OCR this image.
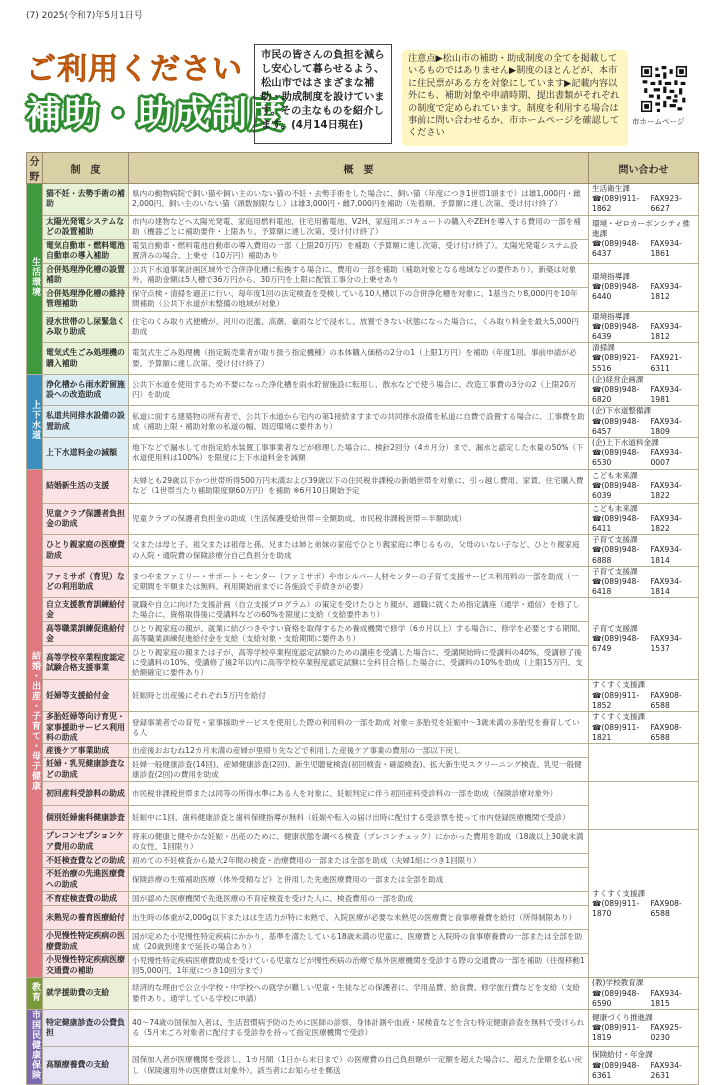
(7) 2025(令和7)年5月1日号
ご利用ください
補助・助成制度
市民の皆さんの負担を減らし安心して暮らせるよう、松山市ではさまざまな補助・助成制度を設けています。その主なものを紹介します。(4月14日現在)
注意点▶松山市の補助・助成制度の全てを掲載しているものではありません▶制度のほとんどが、本市に住民票がある方を対象にしています▶記載内容以外にも、補助対象や申請時期、提出書類がそれぞれの制度で定められています。制度を利用する場合は事前に問い合わせるか、市ホームページを確認してください
市ホームページ
分野	制　度	概　要	問い合わせ
生活環境	猫不妊・去勢手術の補助	県内の動物病院で飼い猫や飼い主のいない猫の不妊・去勢手術をした場合に、飼い猫（年度につき1世帯1頭まで）は雄1,000円・雌2,000円、飼い主のいない猫（頭数制限なし）は雄3,000円・雌7,000円を補助（先着順。予算額に達し次第、受け付け終了）	生活衛生課
☎(089)911-1862
FAX923-6627

	太陽光発電システムなどの設置補助	市内の建物などへ太陽光発電、家庭用燃料電池、住宅用蓄電池、V2H、家庭用エコキュートの購入やZEHを導入する費用の一部を補助（機器ごとに補助要件・上限あり。予算額に達し次第、受け付け終了）	環境・ゼロカーボンシティ推進課
☎(089)948-6437
FAX934-1861

	電気自動車・燃料電池自動車の導入補助	電気自動車・燃料電池自動車の導入費用の一部（上限20万円）を補助（予算額に達し次第、受け付け終了）。太陽光発電システム設置済みの場合、上乗せ（10万円）補助あり	
	合併処理浄化槽の設置補助	公共下水道事業計画区域外で合併浄化槽に転換する場合に、費用の一部を補助（補助対象となる地域などの要件あり）。新築は対象外。補助金額は5人槽で36万円から、30万円を上限に配管工事分の上乗せあり	環境指導課
☎(089)948-6440
FAX934-1812

	合併処理浄化槽の維持管理補助	保守点検・清掃を適正に行い、毎年度1回の法定検査を受検している10人槽以下の合併浄化槽を対象に、1基当たり8,000円を10年間補助（公共下水道が未整備の地域が対象）	
	浸水世帯のし尿緊急くみ取り助成	住宅のくみ取り式便槽が、河川の氾濫、高潮、豪雨などで浸水し、放置できない状態になった場合に、くみ取り料金を最大5,000円助成	環境指導課
☎(089)948-6439
FAX934-1812

	電気式生ごみ処理機の購入補助	電気式生ごみ処理機（指定販売業者が取り扱う指定機種）の本体購入価格の2分の1（上限1万円）を補助（年度1回。事前申請が必要。予算額に達し次第、受け付け終了）	清掃課
☎(089)921-5516
FAX921-6311

上下水道	浄化槽から雨水貯留施設への改造助成	公共下水道を使用するため不要になった浄化槽を雨水貯留施設に転用し、散水などで使う場合に、改造工事費の3分の2（上限20万円）を助成	(企)経営企画課
☎(089)948-6820
FAX934-1981

	私道共同排水設備の設置助成	私道に面する建築物の所有者で、公共下水道から宅内の第1接続ますまでの共同排水設備を私道に自費で設置する場合に、工事費を助成（補助上限・補助対象の私道の幅、周辺環境に要件あり）	(企)下水道整備課
☎(089)948-6457
FAX934-1809

	上下水道料金の減額	地下などで漏水して市指定給水装置工事事業者などが修理した場合に、検針2回分（4カ月分）まで、漏水と認定した水量の50%（下水道使用料は100%）を限度に上下水道料金を減額	(企)上下水道料金課
☎(089)948-6530
FAX934-0007

結婚・出産・子育て・母子健康	結婚新生活の支援	夫婦とも29歳以下かつ世帯所得500万円未満および39歳以下の住民税非課税の新婚世帯を対象に、引っ越し費用、家賃、住宅購入費など（1世帯当たり補助限度額60万円）を補助 ※6月10日開始予定	こども未来課
☎(089)948-6039
FAX934-1822

	児童クラブ保護者負担金の助成	児童クラブの保護者負担金の助成（生活保護受給世帯＝全額助成、市民税非課税世帯＝半額助成）	こども未来課
☎(089)948-6411
FAX934-1822

	ひとり親家庭の医療費助成	父または母と子、祖父または祖母と孫、兄または姉と弟妹の家庭でひとり親家庭に準じるもの、父母のいない子など、ひとり親家庭の入院・通院費の保険診療分自己負担分を助成	子育て支援課
☎(089)948-6888
FAX934-1814

	ファミサポ（育児）などの利用助成	まつやまファミリー・サポート・センター（ファミサポ）や市シルバー人材センターの子育て支援サービス利用料の一部を助成（一定期間を半額または無料。利用開始前までに各施設で手続きが必要）	子育て支援課
☎(089)948-6418
FAX934-1814

	自立支援教育訓練給付金	就職や自立に向けた支援計画（自立支援プログラム）の策定を受けたひとり親が、適職に就くため指定講座（通学・通信）を修了した場合に、資格取得後に受講料などの60%を限度に支給（支給要件あり）	子育て支援課
☎(089)948-6749
FAX934-1537

	高等職業訓練促進給付金	ひとり親家庭の親が、就業に結びつきやすい資格を取得するため養成機関で修学（6カ月以上）する場合に、修学を必要とする期間、高等職業訓練促進給付金を支給（支給対象・支給期間に要件あり）	
	高等学校卒業程度認定試験合格支援事業	ひとり親家庭の親または子が、高等学校卒業程度認定試験のための講座を受講した場合に、受講開始時に受講料の40%、受講修了後に受講料の10%、受講修了後2年以内に高等学校卒業程度認定試験に全科目合格した場合に、受講料の10%を助成（上限15万円、支給額確定に要件あり）	
	妊婦等支援給付金	妊娠時と出産後にそれぞれ5万円を給付	すくすく支援課
☎(089)911-1852
FAX908-6588

	多胎妊婦等向け育児・家事援助サービス利用料の助成	登録事業者での育児・家事援助サービスを使用した際の利用料の一部を助成 対象＝多胎児を妊娠中〜3歳未満の多胎児を養育している人	すくすく支援課
☎(089)911-1821
FAX908-6588

	産後ケア事業助成	出産後おおむね12カ月未満の産婦が里帰り先などで利用した産後ケア事業の費用の一部以下戻し	

	妊婦・乳児健康診査などの助成	妊婦一般健康診査(14回)、産婦健康診査(2回)、新生児聴覚検査(初回検査・確認検査)、拡大新生児スクリーニング検査、乳児一般健康診査(2回)の費用を助成	
	初回産科受診料の助成	市民税非課税世帯または同等の所得水準にある人を対象に、妊娠判定に伴う初回産科受診料の一部を助成（保険診療対象外）	

	個別妊婦歯科健康診査	妊娠中に1回、歯科健康診査と歯科保健指導が無料（妊娠や転入の届け出時に配付する受診票を使って市内登録医療機関で受診）	
	プレコンセプションケア費用の助成	将来の健康と健やかな妊娠・出産のために、健康状態を調べる検査（プレコンチェック）にかかった費用を助成（18歳以上30歳未満の女性、1回限り）	すくすく支援課
☎(089)911-1870
FAX908-6588

	不妊検査費などの助成	初めての不妊検査から最大2年間の検査・治療費用の一部または全部を助成（夫婦1組につき1回限り）	
	不妊治療の先進医療費への助成	保険診療の生殖補助医療（体外受精など）と併用した先進医療費用の一部または全部を助成	
	不育症検査費の助成	国が認めた医療機関で先進医療の不育症検査を受けた人に、検査費用の一部を助成	
	未熟児の養育医療給付	出生時の体重が2,000g以下またはは生活力が特に未熟で、入院医療が必要な未熟児の医療費と食事療養費を給付（所得制限あり）	
	小児慢性特定疾病の医療費助成	国が定めた小児慢性特定疾病にかかり、基準を満たしている18歳未満の児童に、医療費と入院時の食事療養費の一部または全部を助成（20歳到達まで延長の場合あり）	
	小児慢性特定疾病医療交通費の補助	小児慢性特定疾病医療費助成を受けている児童などが慢性疾病の治療で県外医療機関を受診する際の交通費の一部を補助（往復移動1回5,000円、1年度につき10回分まで）	
教育	就学援助費の支給	経済的な理由で公立小学校・中学校への就学が難しい児童・生徒などの保護者に、学用品費、給食費、修学旅行費などを支給（支給要件あり。通学している学校に申請）	(教)学校教育課
☎(089)948-6590
FAX934-1815

市国民健康保険	特定健康診査の公費負担	40〜74歳の国保加入者は、生活習慣病予防のために医師の診察、身体計測や血液・尿検査などを含む特定健康診査を無料で受けられる（5月末ごろ対象者に配付する受診券を持って指定医療機関で受診）	健康づくり推進課
☎(089)911-1819
FAX925-0230

	高額療養費の支給	国保加入者が医療機関を受診し、1カ月間（1日から末日まで）の医療費の自己負担額が一定額を超えた場合に、超えた金額を払い戻し（保険適用外の医療費は対象外）。該当者にお知らせを郵送	保険給付・年金課
☎(089)948-6361
FAX934-2631
